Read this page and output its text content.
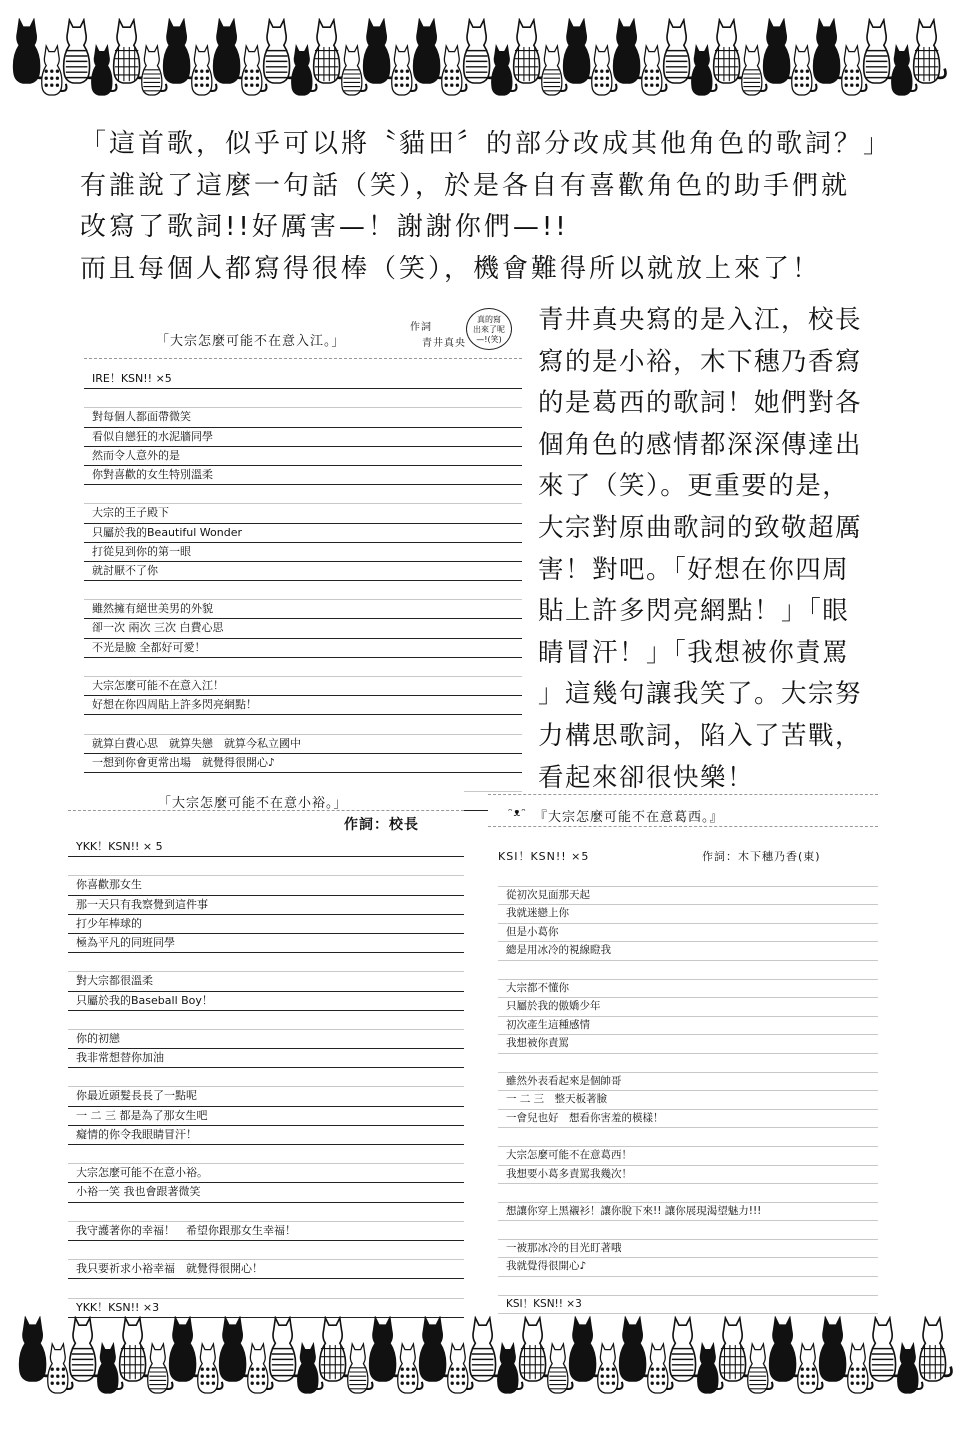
「這首歌，似乎可以將〝貓田〞的部分改成其他角色的歌詞？」

有誰說了這麼一句話（笑），於是各自有喜歡角色的助手們就

改寫了歌詞!!好厲害—！謝謝你們—!!

而且每個人都寫得很棒（笑），機會難得所以就放上來了！

青井真央寫的是入江，校長

寫的是小裕，木下穗乃香寫

的是葛西的歌詞！她們對各

個角色的感情都深深傳達出

來了（笑）。更重要的是，

大宗對原曲歌詞的致敬超厲

害！對吧。「好想在你四周

貼上許多閃亮網點！」「眼

睛冒汗！」「我想被你責罵

」這幾句讓我笑了。大宗努

力構思歌詞，陷入了苦戰，

看起來卻很快樂！

「大宗怎麼可能不在意入江。」
作詞
青井真央
真的寫
出來了呢
—!(笑)
IRE！KSN!! ×5
對每個人都面帶微笑
看似自戀狂的水泥牆同學
然而令人意外的是
你對喜歡的女生特別溫柔
大宗的王子殿下
只屬於我的Beautiful Wonder
打從見到你的第一眼
就討厭不了你
雖然擁有絕世美男的外貌
卻一次 兩次 三次 白費心思
不光是臉 全都好可愛！
大宗怎麼可能不在意入江！
好想在你四周貼上許多閃亮網點！
就算白費心思　就算失戀　就算今私立國中
一想到你會更常出場　就覺得很開心♪
「大宗怎麼可能不在意小裕。」
作詞：校長
YKK！KSN!! × 5
你喜歡那女生
那一天只有我察覺到這件事
打少年棒球的
極為平凡的同班同學
對大宗都很溫柔
只屬於我的Baseball Boy！
你的初戀
我非常想替你加油
你最近頭髮長長了一點呢
一 二 三 都是為了那女生吧
癡情的你令我眼睛冒汗！
大宗怎麼可能不在意小裕。
小裕一笑 我也會跟著微笑
我守護著你的幸福！　希望你跟那女生幸福！
我只要祈求小裕幸福　就覺得很開心！
YKK！KSN!! ×3
ᵔᴥᵔ 『大宗怎麼可能不在意葛西。』
KSI！KSN!! ×5	作詞：木下穗乃香(東)
從初次見面那天起
我就迷戀上你
但是小葛你
總是用冰冷的視線瞪我
大宗都不懂你
只屬於我的傲嬌少年
初次產生這種感情
我想被你責罵
雖然外表看起來是個帥哥
一 二 三　整天板著臉
一會兒也好　想看你害羞的模樣！
大宗怎麼可能不在意葛西！
我想要小葛多責罵我幾次！
想讓你穿上黑襯衫！讓你脫下來!! 讓你展現渴望魅力!!!
一被那冰冷的目光盯著哦
我就覺得很開心♪
KSI！KSN!! ×3
